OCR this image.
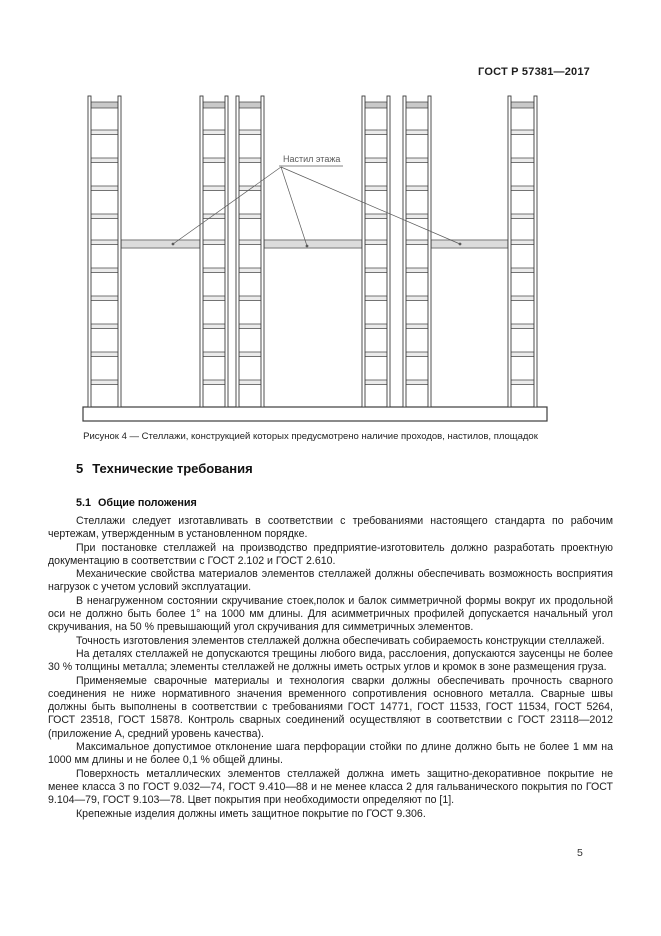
ГОСТ Р 57381—2017
Настил этажа
Рисунок 4 — Стеллажи, конструкцией которых предусмотрено наличие проходов, настилов, площадок
5 Технические требования
5.1 Общие положения

Стеллажи следует изготавливать в соответствии с требованиями настоящего стандарта по рабочим чертежам, утвержденным в установленном порядке.

При постановке стеллажей на производство предприятие-изготовитель должно разработать проектную документацию в соответствии с ГОСТ 2.102 и ГОСТ 2.610.

Механические свойства материалов элементов стеллажей должны обеспечивать возможность восприятия нагрузок с учетом условий эксплуатации.

В ненагруженном состоянии скручивание стоек,полок и балок симметричной формы вокруг их продольной оси не должно быть более 1° на 1000 мм длины. Для асимметричных профилей допускается начальный угол скручивания, на 50 % превышающий угол скручивания для симметричных элементов.

Точность изготовления элементов стеллажей должна обеспечивать собираемость конструкции стеллажей.

На деталях стеллажей не допускаются трещины любого вида, расслоения, допускаются заусенцы не более 30 % толщины металла; элементы стеллажей не должны иметь острых углов и кромок в зоне размещения груза.

Применяемые сварочные материалы и технология сварки должны обеспечивать прочность сварного соединения не ниже нормативного значения временного сопротивления основного металла. Сварные швы должны быть выполнены в соответствии с требованиями ГОСТ 14771, ГОСТ 11533, ГОСТ 11534, ГОСТ 5264, ГОСТ 23518, ГОСТ 15878. Контроль сварных соединений осуществляют в соответствии с ГОСТ 23118—2012 (приложение А, средний уровень качества).

Максимальное допустимое отклонение шага перфорации стойки по длине должно быть не более 1 мм на 1000 мм длины и не более 0,1 % общей длины.

Поверхность металлических элементов стеллажей должна иметь защитно-декоративное покрытие не менее класса 3 по ГОСТ 9.032—74, ГОСТ 9.410—88 и не менее класса 2 для гальванического покрытия по ГОСТ 9.104—79, ГОСТ 9.103—78. Цвет покрытия при необходимости определяют по [1].

Крепежные изделия должны иметь защитное покрытие по ГОСТ 9.306.

5
